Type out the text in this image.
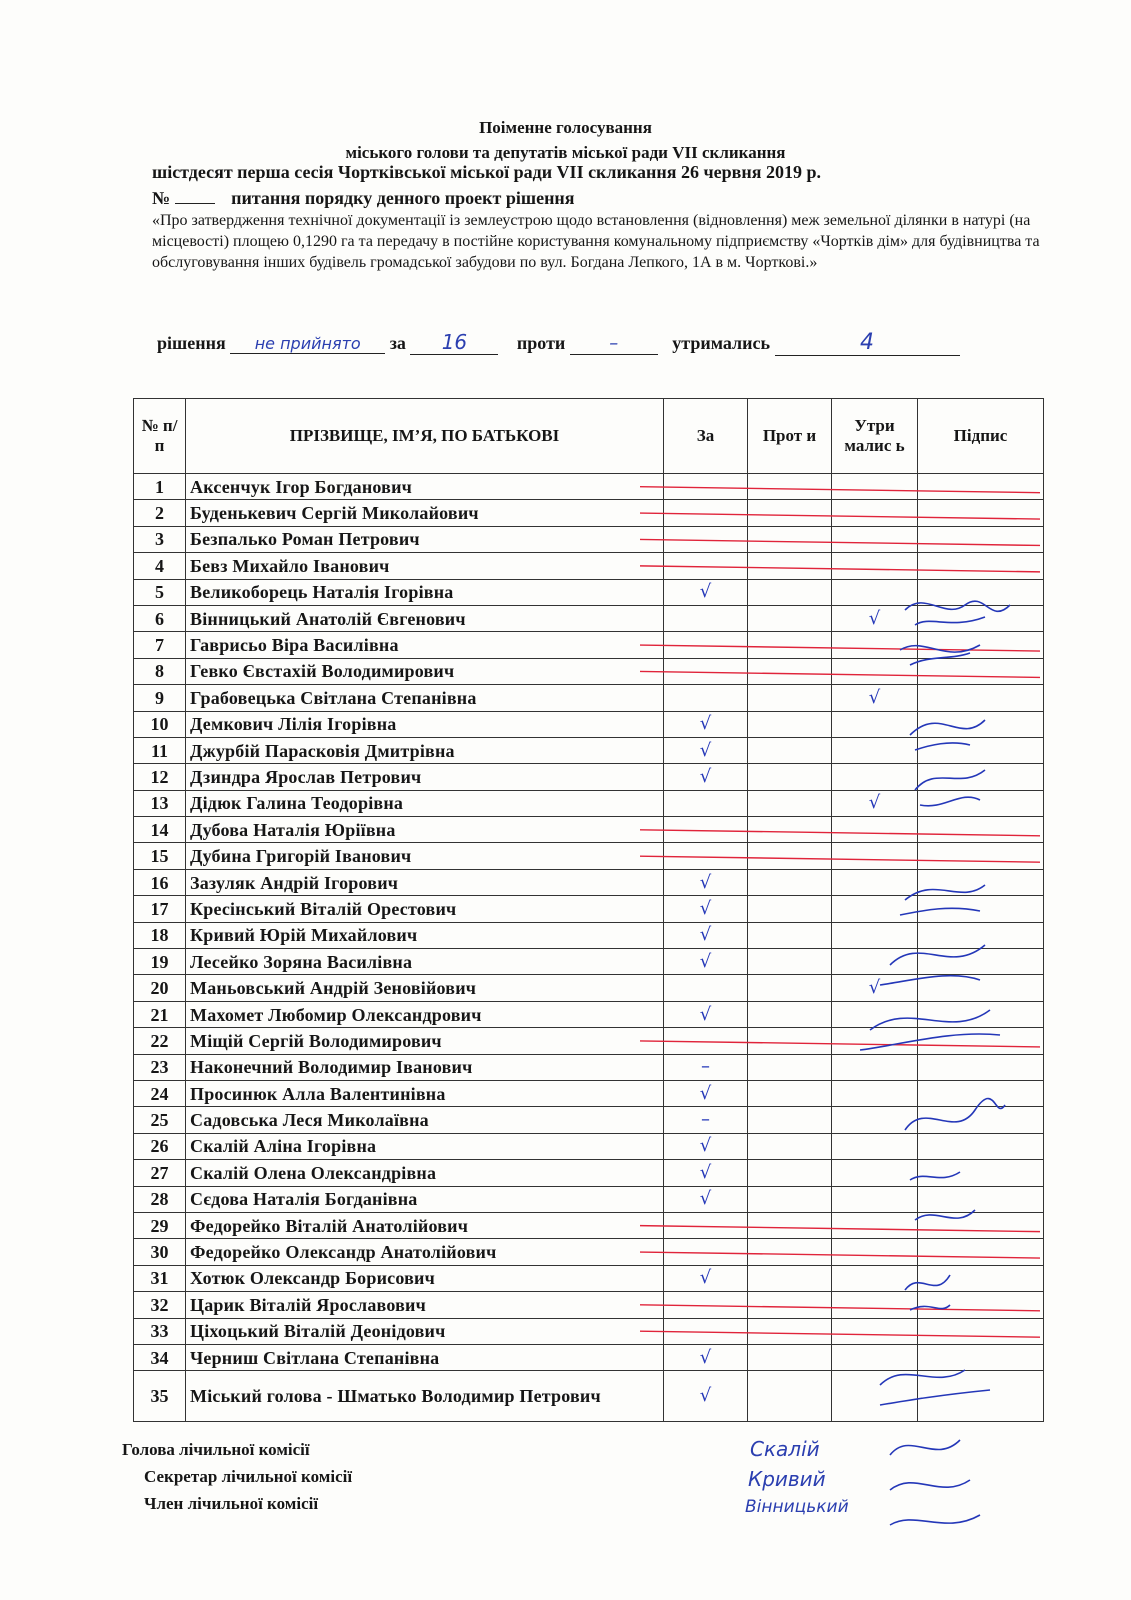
Поіменне голосування
міського голови та депутатів міської ради VII скликання
шістдесят перша сесія Чортківської міської ради VII скликання 26 червня 2019 р.
№	питання порядку денного проект рішення
«Про затвердження технічної документації із землеустрою щодо встановлення (відновлення) меж земельної ділянки в натурі (на місцевості) площею 0,1290 га та передачу в постійне користування комунальному підприємству «Чортків дім» для будівництва та обслуговування інших будівель громадської забудови по вул. Богдана Лепкого, 1А в м. Чорткові.»
рішення не прийнято за 16	проти –	утримались	4
№ п/п	ПРІЗВИЩЕ, ІМ’Я, ПО БАТЬКОВІ	За	Прот и	Утри малис ь	Підпис
1	Аксенчук Ігор Богданович				
2	Буденькевич Сергій Миколайович				
3	Безпалько Роман Петрович				
4	Бевз Михайло Іванович				
5	Великоборець Наталія Ігорівна	√			
6	Вінницький Анатолій Євгенович			√	
7	Гаврисьо Віра Василівна				
8	Гевко Євстахій Володимирович				
9	Грабовецька Світлана Степанівна			√	
10	Демкович Лілія Ігорівна	√			
11	Джурбій Парасковія Дмитрівна	√			
12	Дзиндра Ярослав Петрович	√			
13	Дідюк Галина Теодорівна			√	
14	Дубова Наталія Юріївна				
15	Дубина Григорій Іванович				
16	Зазуляк Андрій Ігорович	√			
17	Кресінський Віталій Орестович	√			
18	Кривий Юрій Михайлович	√			
19	Лесейко Зоряна Василівна	√			
20	Маньовський Андрій Зеновійович			√	
21	Махомет Любомир Олександрович	√			
22	Міщій Сергій Володимирович				
23	Наконечний Володимир Іванович	–			
24	Просинюк Алла Валентинівна	√			
25	Садовська Леся Миколаївна	–			
26	Скалій Аліна Ігорівна	√			
27	Скалій Олена Олександрівна	√			
28	Сєдова Наталія Богданівна	√			
29	Федорейко Віталій Анатолійович				
30	Федорейко Олександр Анатолійович				
31	Хотюк Олександр Борисович	√			
32	Царик Віталій Ярославович				
33	Ціхоцький Віталій Деонідович				
34	Черниш Світлана Степанівна	√			
35	Міський голова - Шматько Володимир Петрович	√			
Голова лічильної комісії	Скалій
Секретар лічильної комісії	Кривий
Член лічильної комісії	Вінницький
